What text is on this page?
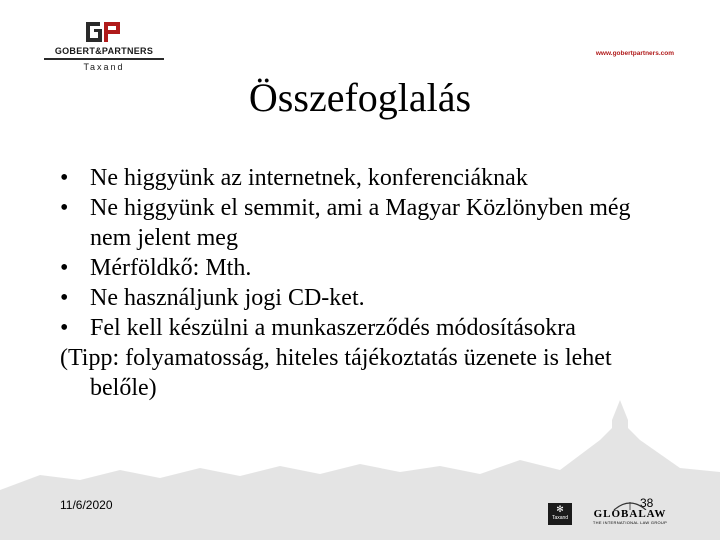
GOBERT&PARTNERS
Taxand
www.gobertpartners.com
Összefoglalás
• Ne higgyünk az internetnek, konferenciáknak
• Ne higgyünk el semmit, ami a Magyar Közlönyben még nem jelent meg
• Mérföldkő: Mth.
• Ne használjunk jogi CD-ket.
• Fel kell készülni a munkaszerződés módosításokra
(Tipp: folyamatosság, hiteles tájékoztatás üzenete is lehet belőle)
11/6/2020	38
✻
Taxand	GLOBALAW
THE INTERNATIONAL LAW GROUP
